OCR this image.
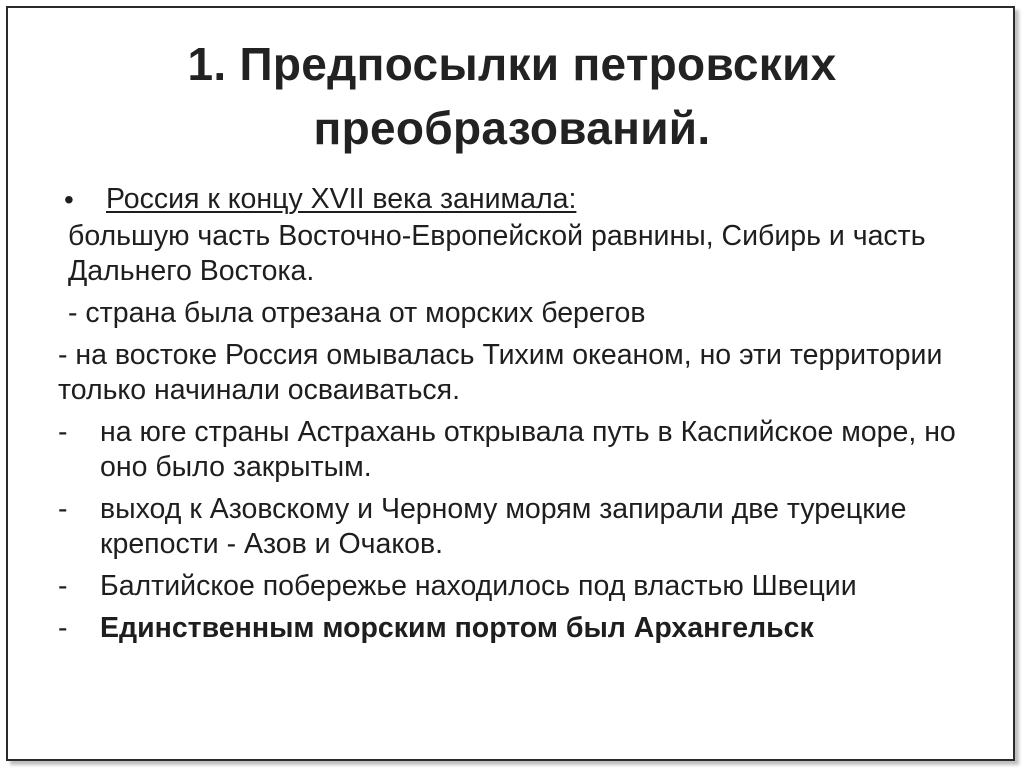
1. Предпосылки петровских
преобразований.
•	Россия к концу XVII века занимала:
большую часть Восточно-Европейской равнины, Сибирь и часть Дальнего Востока.
- страна была отрезана от морских берегов
- на востоке Россия омывалась Тихим океаном, но эти территории только начинали осваиваться.
-	на юге страны Астрахань открывала путь в Каспийское море, но оно было закрытым.
-	выход к Азовскому и Черному морям запирали две турецкие крепости - Азов и Очаков.
-	Балтийское побережье находилось под властью Швеции
-	Единственным морским портом был Архангельск
